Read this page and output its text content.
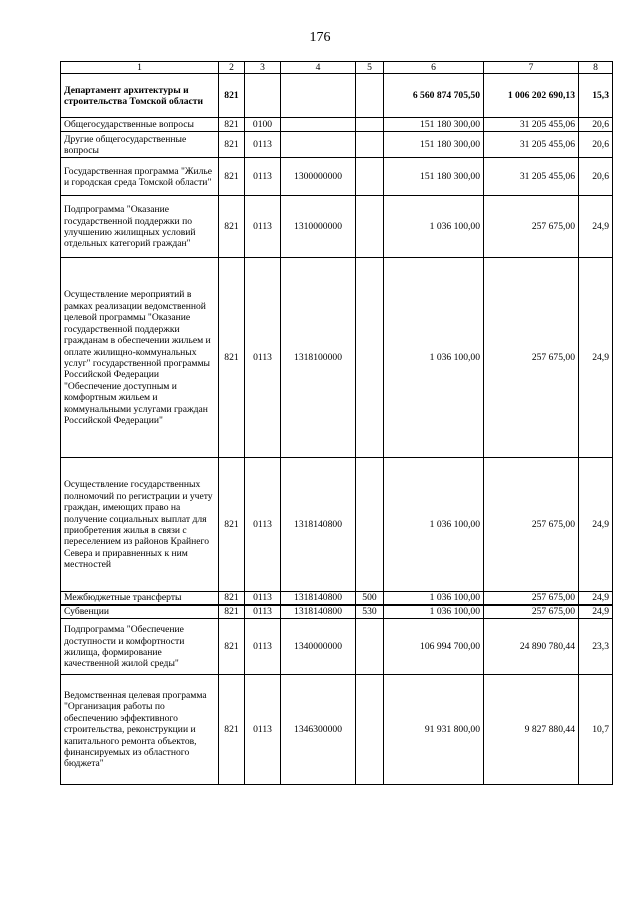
176
1	2	3	4	5	6	7	8
Департамент архитектуры и строительства Томской области	821				6 560 874 705,50	1 006 202 690,13	15,3
Общегосударственные вопросы	821	0100			151 180 300,00	31 205 455,06	20,6
Другие общегосударственные вопросы	821	0113			151 180 300,00	31 205 455,06	20,6
Государственная программа "Жилье и городская среда Томской области"	821	0113	1300000000		151 180 300,00	31 205 455,06	20,6
Подпрограмма "Оказание государственной поддержки по улучшению жилищных условий отдельных категорий граждан"	821	0113	1310000000		1 036 100,00	257 675,00	24,9
Осуществление мероприятий в рамках реализации ведомственной целевой программы "Оказание государственной поддержки гражданам в обеспечении жильем и оплате жилищно-коммунальных услуг" государственной программы Российской Федерации "Обеспечение доступным и комфортным жильем и коммунальными услугами граждан Российской Федерации"	821	0113	1318100000		1 036 100,00	257 675,00	24,9
Осуществление государственных полномочий по регистрации и учету граждан, имеющих право на получение социальных выплат для приобретения жилья в связи с переселением из районов Крайнего Севера и приравненных к ним местностей	821	0113	1318140800		1 036 100,00	257 675,00	24,9
Межбюджетные трансферты	821	0113	1318140800	500	1 036 100,00	257 675,00	24,9
Субвенции	821	0113	1318140800	530	1 036 100,00	257 675,00	24,9
Подпрограмма "Обеспечение доступности и комфортности жилища, формирование качественной жилой среды"	821	0113	1340000000		106 994 700,00	24 890 780,44	23,3
Ведомственная целевая программа "Организация работы по обеспечению эффективного строительства, реконструкции и капитального ремонта объектов, финансируемых из областного бюджета"	821	0113	1346300000		91 931 800,00	9 827 880,44	10,7
